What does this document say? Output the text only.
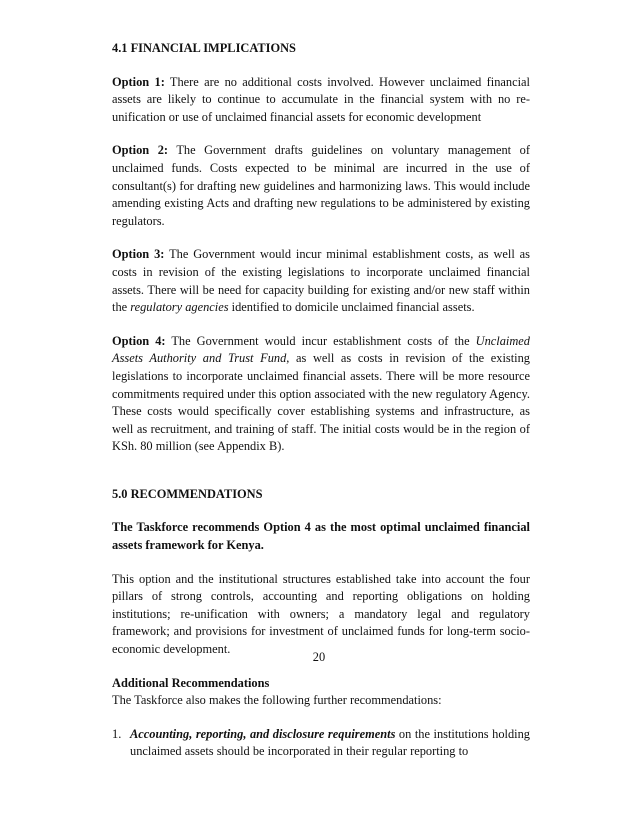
4.1 FINANCIAL IMPLICATIONS

Option 1: There are no additional costs involved. However unclaimed financial assets are likely to continue to accumulate in the financial system with no re-unification or use of unclaimed financial assets for economic development

Option 2: The Government drafts guidelines on voluntary management of unclaimed funds. Costs expected to be minimal are incurred in the use of consultant(s) for drafting new guidelines and harmonizing laws. This would include amending existing Acts and drafting new regulations to be administered by existing regulators.

Option 3: The Government would incur minimal establishment costs, as well as costs in revision of the existing legislations to incorporate unclaimed financial assets. There will be need for capacity building for existing and/or new staff within the regulatory agencies identified to domicile unclaimed financial assets.

Option 4: The Government would incur establishment costs of the Unclaimed Assets Authority and Trust Fund, as well as costs in revision of the existing legislations to incorporate unclaimed financial assets. There will be more resource commitments required under this option associated with the new regulatory Agency. These costs would specifically cover establishing systems and infrastructure, as well as recruitment, and training of staff. The initial costs would be in the region of KSh. 80 million (see Appendix B).

5.0 RECOMMENDATIONS

The Taskforce recommends Option 4 as the most optimal unclaimed financial assets framework for Kenya.

This option and the institutional structures established take into account the four pillars of strong controls, accounting and reporting obligations on holding institutions; re-unification with owners; a mandatory legal and regulatory framework; and provisions for investment of unclaimed funds for long-term socio-economic development.

Additional Recommendations

The Taskforce also makes the following further recommendations:

1. Accounting, reporting, and disclosure requirements on the institutions holding unclaimed assets should be incorporated in their regular reporting to

20
